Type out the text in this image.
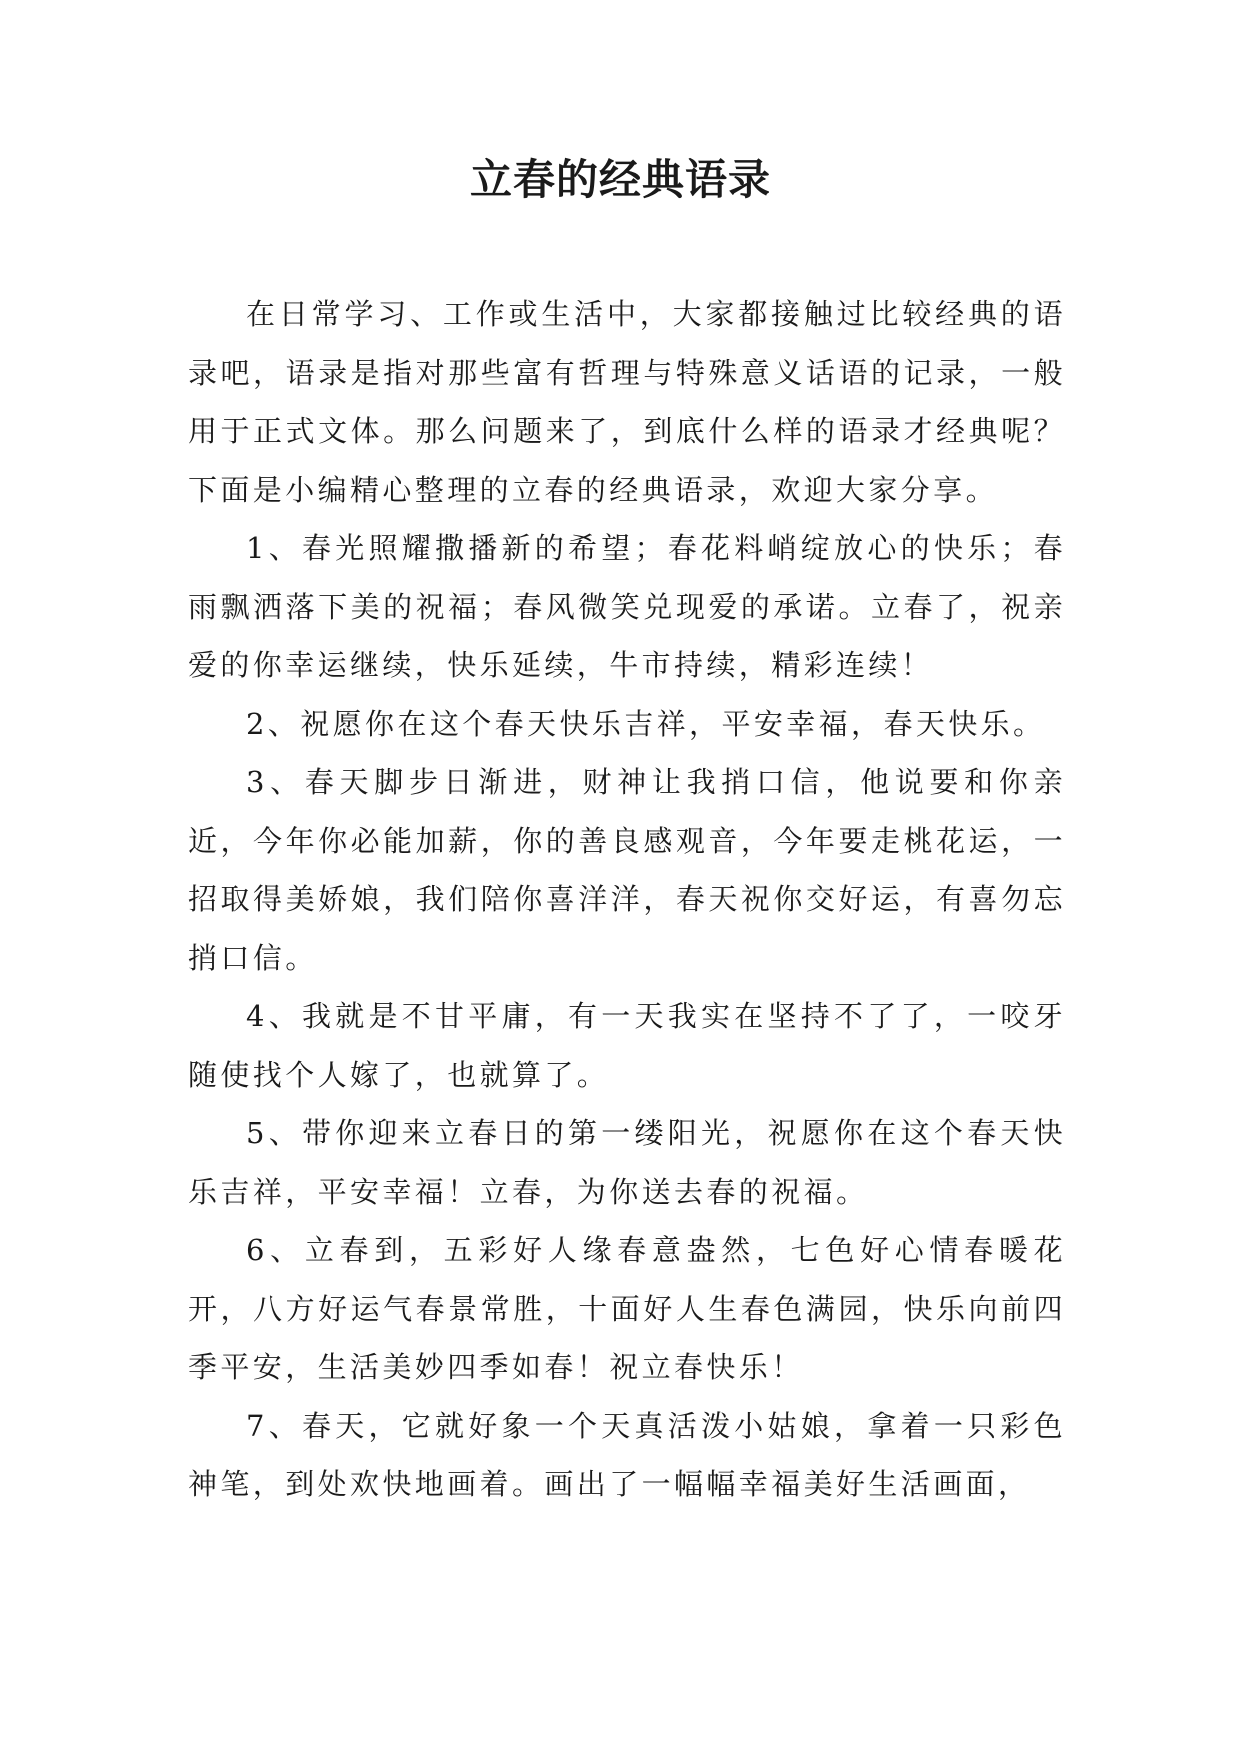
立春的经典语录

在日常学习、工作或生活中，大家都接触过比较经典的语录吧，语录是指对那些富有哲理与特殊意义话语的记录，一般用于正式文体。那么问题来了，到底什么样的语录才经典呢？下面是小编精心整理的立春的经典语录，欢迎大家分享。

1、春光照耀撒播新的希望；春花料峭绽放心的快乐；春雨飘洒落下美的祝福；春风微笑兑现爱的承诺。立春了，祝亲爱的你幸运继续，快乐延续，牛市持续，精彩连续！

2、祝愿你在这个春天快乐吉祥，平安幸福，春天快乐。

3、春天脚步日渐进，财神让我捎口信，他说要和你亲近，今年你必能加薪，你的善良感观音，今年要走桃花运，一招取得美娇娘，我们陪你喜洋洋，春天祝你交好运，有喜勿忘捎口信。

4、我就是不甘平庸，有一天我实在坚持不了了，一咬牙随使找个人嫁了，也就算了。

5、带你迎来立春日的第一缕阳光，祝愿你在这个春天快乐吉祥，平安幸福！立春，为你送去春的祝福。

6、立春到，五彩好人缘春意盎然，七色好心情春暖花开，八方好运气春景常胜，十面好人生春色满园，快乐向前四季平安，生活美妙四季如春！祝立春快乐！

7、春天，它就好象一个天真活泼小姑娘，拿着一只彩色神笔，到处欢快地画着。画出了一幅幅幸福美好生活画面，
